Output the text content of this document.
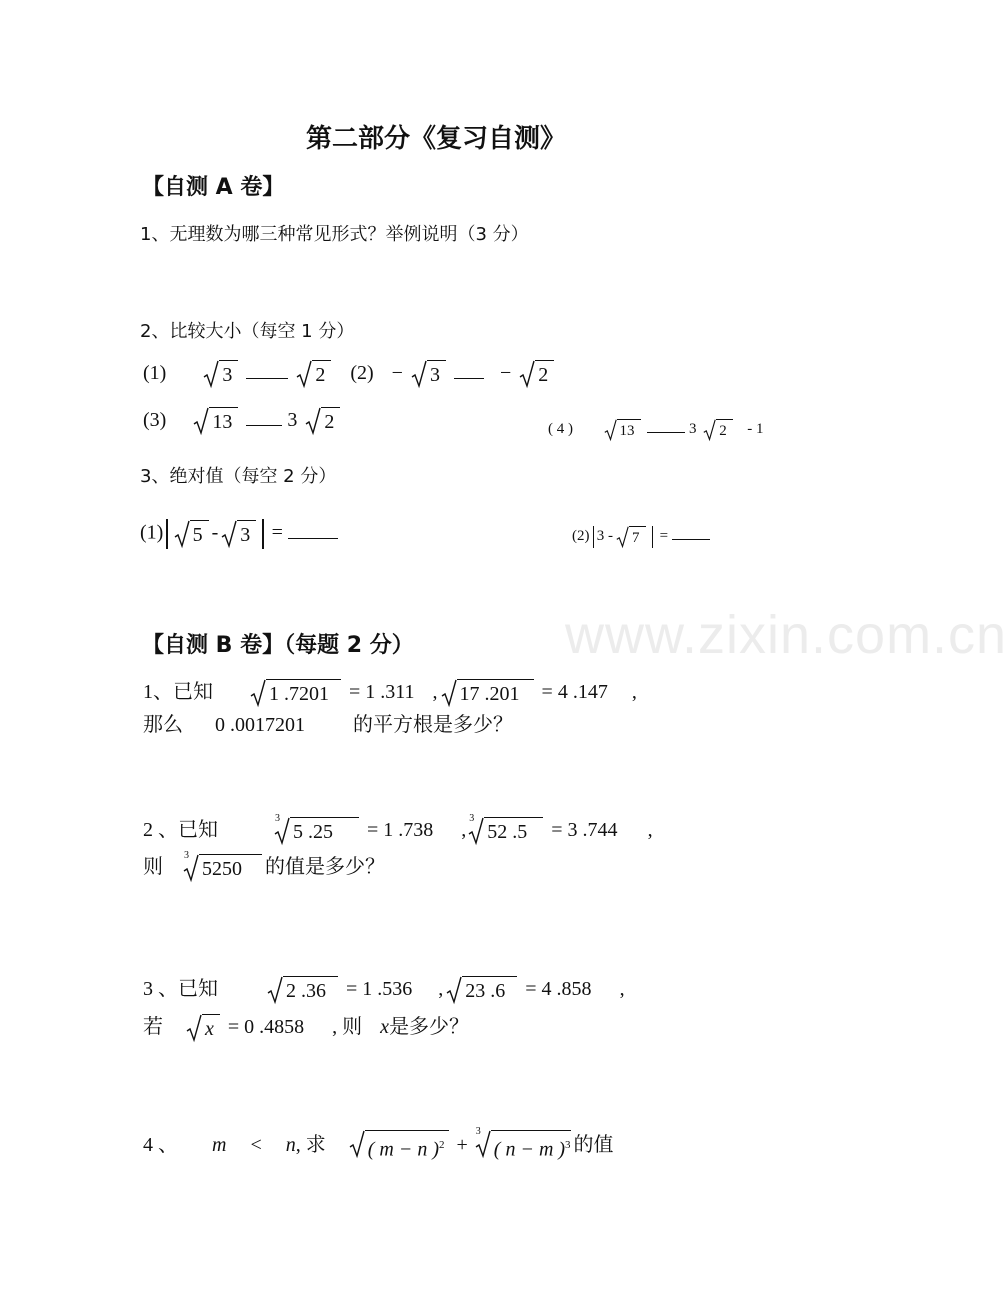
www.zixin.com.cn
第二部分《复习自测》
【自测 A 卷】
1、无理数为哪三种常见形式？举例说明（3 分）
2、比较大小（每空 1 分）
(1)	3
	2	(2) − 3	− 2
(3) 13	3 2	( 4 )	13	3 2	- 1
3、绝对值（每空 2 分）
(1) 5 - 3	=	(2) 3 - 7	=
【自测 B 卷】（每题 2 分）
1、已知	1 .7201	= 1 .311 , 17 .201	= 4 .147 ,
那么 0 .0017201 的平方根是多少？
2 、已知
3
5 .25	= 1 .738 ,
3
52 .5	= 3 .744 ,
则
3
5250	的值是多少？
3 、已知	2 .36	= 1 .536 , 23 .6	= 4 .858 ,
若 x = 0 .4858 , 则 x是多少？
4 、 m < n, 求 ( m − n )$^2$ +
3
( n − m )$^3$ 的值
